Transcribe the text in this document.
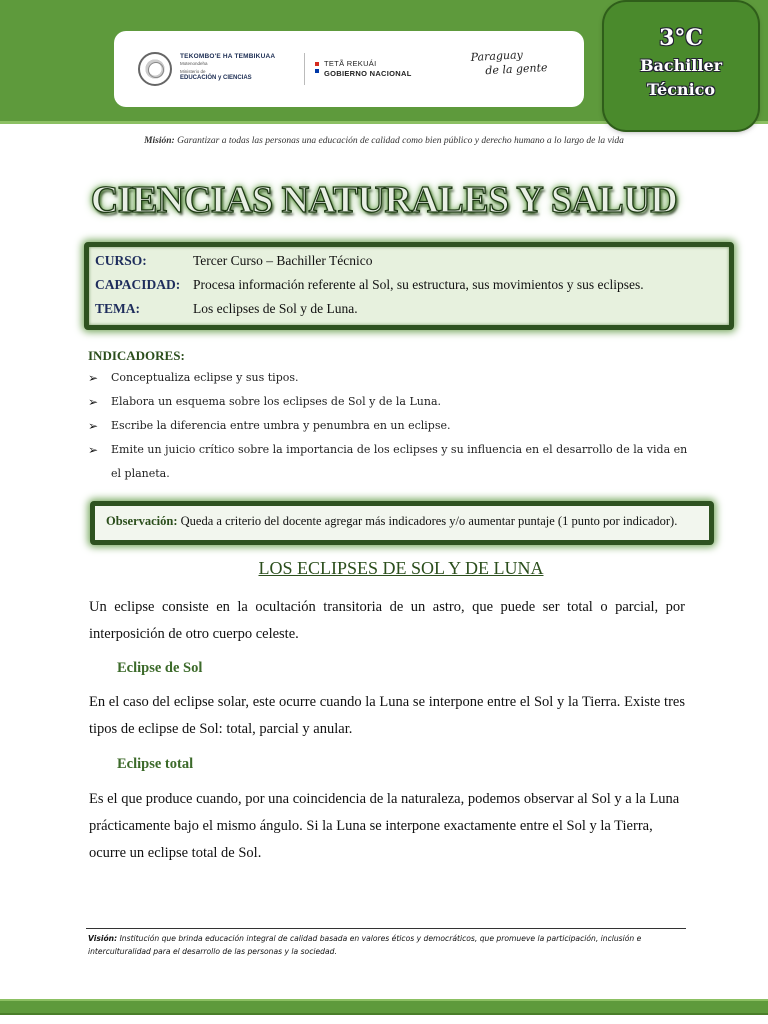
TEKOMBO'E HA TEMBIKUAA
Motenondeha
Ministerio de
EDUCACIÓN y CIENCIAS
TETÃ REKUÁI
GOBIERNO NACIONAL
Paraguay
de la gente
3°C
Bachiller
Técnico
Misión: Garantizar a todas las personas una educación de calidad como bien público y derecho humano a lo largo de la vida
CIENCIAS NATURALES Y SALUD
CURSO:	Tercer Curso – Bachiller Técnico
CAPACIDAD: Procesa información referente al Sol, su estructura, sus movimientos y sus eclipses.
TEMA:	Los eclipses de Sol y de Luna.
INDICADORES:
➢ Conceptualiza eclipse y sus tipos.
➢ Elabora un esquema sobre los eclipses de Sol y de la Luna.
➢ Escribe la diferencia entre umbra y penumbra en un eclipse.
➢ Emite un juicio crítico sobre la importancia de los eclipses y su influencia en el desarrollo de la vida en el planeta.
Observación: Queda a criterio del docente agregar más indicadores y/o aumentar puntaje (1 punto por indicador).
LOS ECLIPSES DE SOL Y DE LUNA
Un eclipse consiste en la ocultación transitoria de un astro, que puede ser total o parcial, por interposición de otro cuerpo celeste.
Eclipse de Sol
En el caso del eclipse solar, este ocurre cuando la Luna se interpone entre el Sol y la Tierra. Existe tres tipos de eclipse de Sol: total, parcial y anular.
Eclipse total
Es el que produce cuando, por una coincidencia de la naturaleza, podemos observar al Sol y a la Luna prácticamente bajo el mismo ángulo. Si la Luna se interpone exactamente entre el Sol y la Tierra, ocurre un eclipse total de Sol.
Visión: Institución que brinda educación integral de calidad basada en valores éticos y democráticos, que promueve la participación, inclusión e interculturalidad para el desarrollo de las personas y la sociedad.
